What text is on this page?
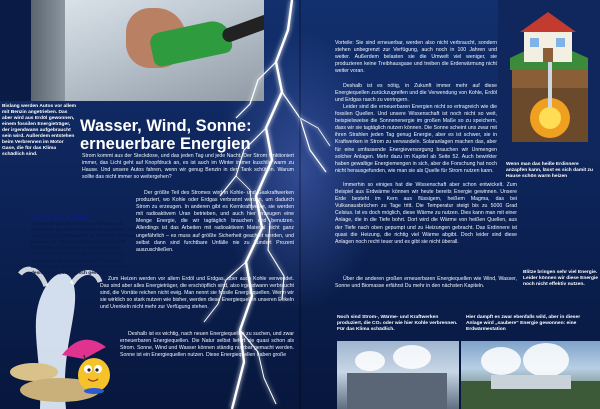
Bislang werden Autos vor allem mit Benzin angetrieben. Das aber wird aus Erdöl gewonnen, einem fossilen Energieträger, der irgendwann aufgebraucht sein wird. Außerdem entstehen beim Verbrennen im Motor Gase, die für das Klima schädlich sind.
Wenn man das heiße Erdinnere anzapfen kann, lässt es sich damit zu Hause schön warm heizen
Blitze bringen sehr viel Energie. Leider können wir diese Energie noch nicht effektiv nutzen.
Noch sind Strom-, Wärme- und Kraftwerken produziert, die CO₂ oder wie hier Kohle verbrennen. Für das Klima schädlich.
Hier dampft es zwar ebenfalls wild, aber in dieser Anlage wird „saubere“ Energie gewonnen: eine Erdwärmestation
Wasser, Wind, Sonne:
erneuerbare Energien
Wärme aus der Erde
Auf Island gibt es 30 aktive Vulkane und zahlreiche Quellen und Geysire. Das aber wird aus Erdöl und Erdwärme. In der Tiefe wird das Wasser auf Temperaturen von 200 bis 300 Grad Celsius aufgeheizt. Mithilfe dieser Erdwärme wird Strom gewonnen und die Heizwärme gewonnen. Island ist nahezu unabhängig von fossilen Energien und gilt deshalb als „Ökologisch gesunde“ Energie!
Strom kommt aus der Steckdose, und das jeden Tag und jede Nacht. Der Strom funktioniert immer, das Licht geht auf Knopfdruck an, es ist auch im Winter immer kuschlig warm zu Hause. Und unsere Autos fahren, wenn wir genug Benzin in den Tank schütten. Warum sollte das nicht immer so weitergehen?
Der größte Teil des Stromes wird in Kohle- und Gaskraftwerken produziert, wo Kohle oder Erdgas verbrannt werden, um dadurch Strom zu erzeugen. In anderen gibt es Kernkraftwerke, sie werden mit radioaktivem Uran betrieben, und auch hier erzeugen eine Menge Energie, die wir tagtäglich brauchen und benutzen. Allerdings ist das Arbeiten mit radioaktivem Material nicht ganz ungefährlich – es muss auf größte Sicherheit geachtet werden, und selbst dann sind furchtbare Unfälle nie zu hundert Prozent auszuschließen.
Zum Heizen werden vor allem Erdöl und Erdgas, aber auch Kohle verwendet. Das sind aber alles Energieträger, die erschöpflich sind, also irgendwann verbraucht sind, die Vorräte reichen nicht ewig. Man nennt sie fossile Energiequellen. Wenn wir sie wirklich so stark nutzen wie bisher, werden diese Energiequellen unseren Enkeln und Urenkeln nicht mehr zur Verfügung stehen.
Deshalb ist es wichtig, nach neuen Energiequellen zu suchen, und zwar erneuerbaren Energiequellen. Die Natur selbst liefert sie quasi schon als Strom. Sonne, Wind und Wasser können ständig nutzbar gemacht werden. Sonne ist ein Energiequellen nutzen. Diese Energiequellen haben große
Vorteile: Sie sind erneuerbar, werden also nicht verbraucht, sondern stehen unbegrenzt zur Verfügung, auch noch in 100 Jahren und weiter. Außerdem belasten sie die Umwelt viel weniger, sie produzieren keine Treibhausgase und treiben die Erderwärmung nicht weiter voran.
Deshalb ist es nötig, in Zukunft immer mehr auf diese Energiequellen zurückzugreifen und die Verwendung von Kohle, Erdöl und Erdgas rasch zu verringern.
Leider sind die erneuerbaren Energien nicht so ertragreich wie die fossilen Quellen. Und unsere Wissenschaft ist noch nicht so weit, beispielsweise die Sonnenenergie im großen Maße so zu speichern, dass wir sie tagtäglich nutzen können. Die Sonne scheint uns zwar mit ihren Strahlen jeden Tag genug Energie, aber es ist schwer, sie in Kraftwerken in Strom zu verwandeln. Solaranlagen machen das, aber für eine umfassende Energieversorgung brauchen wir Unmengen solcher Anlagen. Mehr dazu im Kapitel ab Seite 52. Auch bewirkter haben gewaltige Energiemengen in sich, aber die Forschung hat noch nicht herausgefunden, wie man sie als Quelle für Strom nutzen kann.
Immerhin so einiges hat die Wissenschaft aber schon entwickelt. Zum Beispiel aus Erdwärme können wir heute bereits Energie gewinnen. Unsere Erde besteht im Kern aus flüssigem, heißem Magma, das bei Vulkanausbrüchen zu Tage tritt. Die Temperatur steigt bis zu 5000 Grad Celsius. Ist es doch möglich, diese Wärme zu nutzen. Dies kann man mit einer Anlage, die in die Tiefe bohrt. Dort wird die Wärme von heißen Quellen, aus der Tiefe nach oben gepumpt und zu Heizungen gebracht. Das Erdinnere ist quasi die Heizung, die richtig viel Wärme abgibt. Doch leider sind diese Anlagen noch recht teuer und es gibt sie nicht überall.
Über die anderen großen erneuerbaren Energiequellen wie Wind, Wasser, Sonne und Biomasse erfährst Du mehr in den nächsten Kapiteln.
